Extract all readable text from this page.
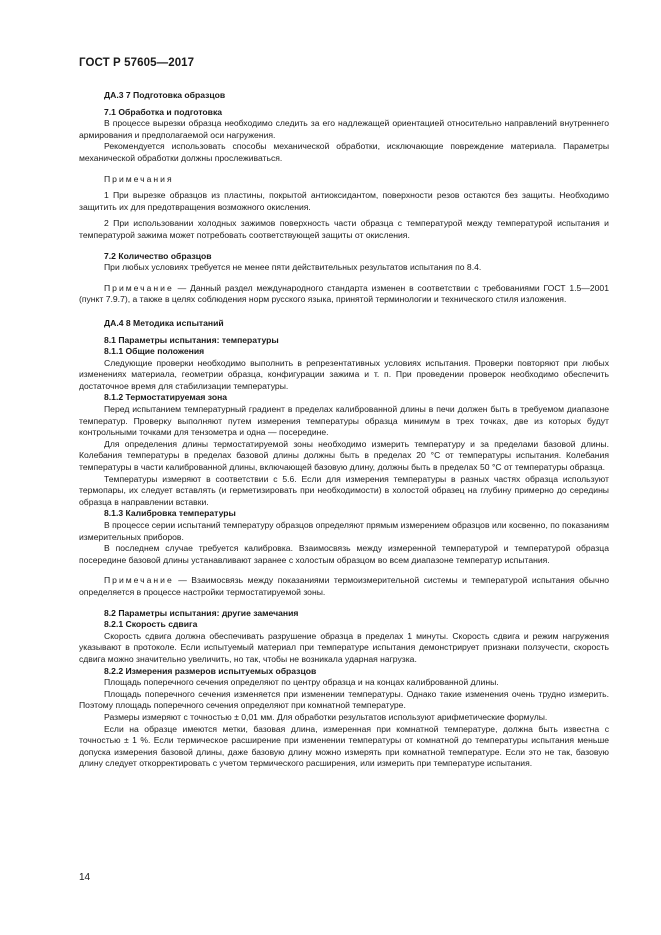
ГОСТ Р 57605—2017

ДА.3 7 Подготовка образцов

7.1 Обработка и подготовка

В процессе вырезки образца необходимо следить за его надлежащей ориентацией относительно направлений внутреннего армирования и предполагаемой оси нагружения.

Рекомендуется использовать способы механической обработки, исключающие повреждение материала. Параметры механической обработки должны прослеживаться.

Примечания

1 При вырезке образцов из пластины, покрытой антиоксидантом, поверхности резов остаются без защиты. Необходимо защитить их для предотвращения возможного окисления.

2 При использовании холодных зажимов поверхность части образца с температурой между температурой испытания и температурой зажима может потребовать соответствующей защиты от окисления.

7.2 Количество образцов

При любых условиях требуется не менее пяти действительных результатов испытания по 8.4.

Примечание — Данный раздел международного стандарта изменен в соответствии с требованиями ГОСТ 1.5—2001 (пункт 7.9.7), а также в целях соблюдения норм русского языка, принятой терминологии и технического стиля изложения.

ДА.4 8 Методика испытаний

8.1 Параметры испытания: температуры

8.1.1 Общие положения

Следующие проверки необходимо выполнить в репрезентативных условиях испытания. Проверки повторяют при любых изменениях материала, геометрии образца, конфигурации зажима и т. п. При проведении проверок необходимо обеспечить достаточное время для стабилизации температуры.

8.1.2 Термостатируемая зона

Перед испытанием температурный градиент в пределах калиброванной длины в печи должен быть в требуемом диапазоне температур. Проверку выполняют путем измерения температуры образца минимум в трех точках, две из которых будут контрольными точками для тензометра и одна — посередине.

Для определения длины термостатируемой зоны необходимо измерить температуру и за пределами базовой длины. Колебания температуры в пределах базовой длины должны быть в пределах 20 °С от температуры испытания. Колебания температуры в части калиброванной длины, включающей базовую длину, должны быть в пределах 50 °С от температуры образца.

Температуры измеряют в соответствии с 5.6. Если для измерения температуры в разных частях образца используют термопары, их следует вставлять (и герметизировать при необходимости) в холостой образец на глубину примерно до середины образца в направлении вставки.

8.1.3 Калибровка температуры

В процессе серии испытаний температуру образцов определяют прямым измерением образцов или косвенно, по показаниям измерительных приборов.

В последнем случае требуется калибровка. Взаимосвязь между измеренной температурой и температурой образца посередине базовой длины устанавливают заранее с холостым образцом во всем диапазоне температур испытания.

Примечание — Взаимосвязь между показаниями термоизмерительной системы и температурой испытания обычно определяется в процессе настройки термостатируемой зоны.

8.2 Параметры испытания: другие замечания

8.2.1 Скорость сдвига

Скорость сдвига должна обеспечивать разрушение образца в пределах 1 минуты. Скорость сдвига и режим нагружения указывают в протоколе. Если испытуемый материал при температуре испытания демонстрирует признаки ползучести, скорость сдвига можно значительно увеличить, но так, чтобы не возникала ударная нагрузка.

8.2.2 Измерения размеров испытуемых образцов

Площадь поперечного сечения определяют по центру образца и на концах калиброванной длины.

Площадь поперечного сечения изменяется при изменении температуры. Однако такие изменения очень трудно измерить. Поэтому площадь поперечного сечения определяют при комнатной температуре.

Размеры измеряют с точностью ± 0,01 мм. Для обработки результатов используют арифметические формулы.

Если на образце имеются метки, базовая длина, измеренная при комнатной температуре, должна быть известна с точностью ± 1 %. Если термическое расширение при изменении температуры от комнатной до температуры испытания меньше допуска измерения базовой длины, даже базовую длину можно измерять при комнатной температуре. Если это не так, базовую длину следует откорректировать с учетом термического расширения, или измерить при температуре испытания.

14
